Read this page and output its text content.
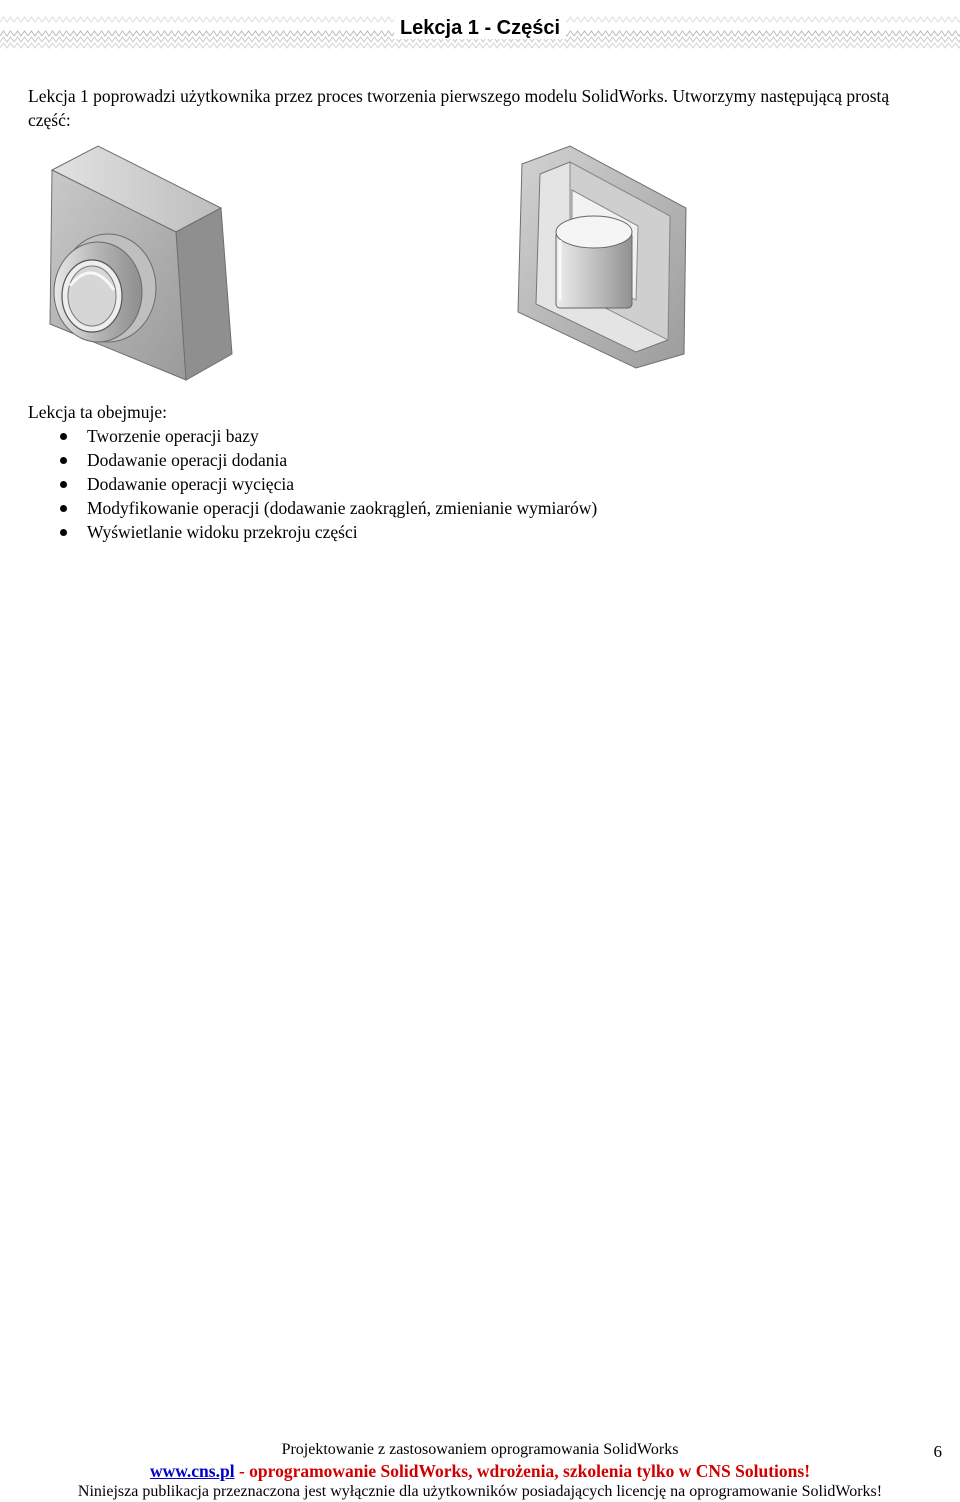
Lekcja 1 - Części
Lekcja 1 poprowadzi użytkownika przez proces tworzenia pierwszego modelu SolidWorks. Utworzymy następującą prostą część:
Lekcja ta obejmuje:
Tworzenie operacji bazy
Dodawanie operacji dodania
Dodawanie operacji wycięcia
Modyfikowanie operacji (dodawanie zaokrągleń, zmienianie wymiarów)
Wyświetlanie widoku przekroju części
Projektowanie z zastosowaniem oprogramowania SolidWorks	6
www.cns.pl - oprogramowanie SolidWorks, wdrożenia, szkolenia tylko w CNS Solutions!
Niniejsza publikacja przeznaczona jest wyłącznie dla użytkowników posiadających licencję na oprogramowanie SolidWorks!
